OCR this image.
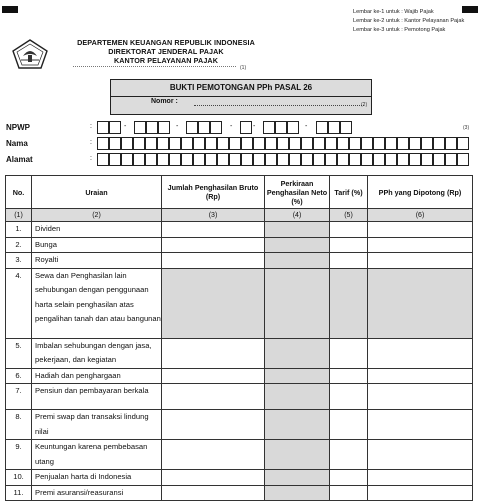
Lembar ke-1 untuk : Wajib Pajak
Lembar ke-2 untuk : Kantor Pelayanan Pajak
Lembar ke-3 untuk : Pemotong Pajak
DEPARTEMEN KEUANGAN REPUBLIK INDONESIA
DIREKTORAT JENDERAL PAJAK
KANTOR PELAYANAN PAJAK
(1)
BUKTI PEMOTONGAN PPh PASAL 26
Nomor :	(2)
NPWP
Nama
Alamat
:
:
:
(3)
No.	Uraian	Jumlah Penghasilan Bruto (Rp)	Perkiraan Penghasilan Neto (%)	Tarif (%)	PPh yang Dipotong (Rp)
(1)	(2)	(3)	(4)	(5)	(6)
1.	Dividen				
2.	Bunga				
3.	Royalti				
4.	Sewa dan Penghasilan lain sehubungan dengan penggunaan harta selain penghasilan atas pengalihan tanah dan atau bangunan				
5.	Imbalan sehubungan dengan jasa, pekerjaan, dan kegiatan				
6.	Hadiah dan penghargaan				
7.	Pensiun dan pembayaran berkala				
8.	Premi swap dan transaksi lindung nilai				
9.	Keuntungan karena pembebasan utang				
10.	Penjualan harta di Indonesia				
11.	Premi asuransi/reasuransi				
-	-	-	-	-
